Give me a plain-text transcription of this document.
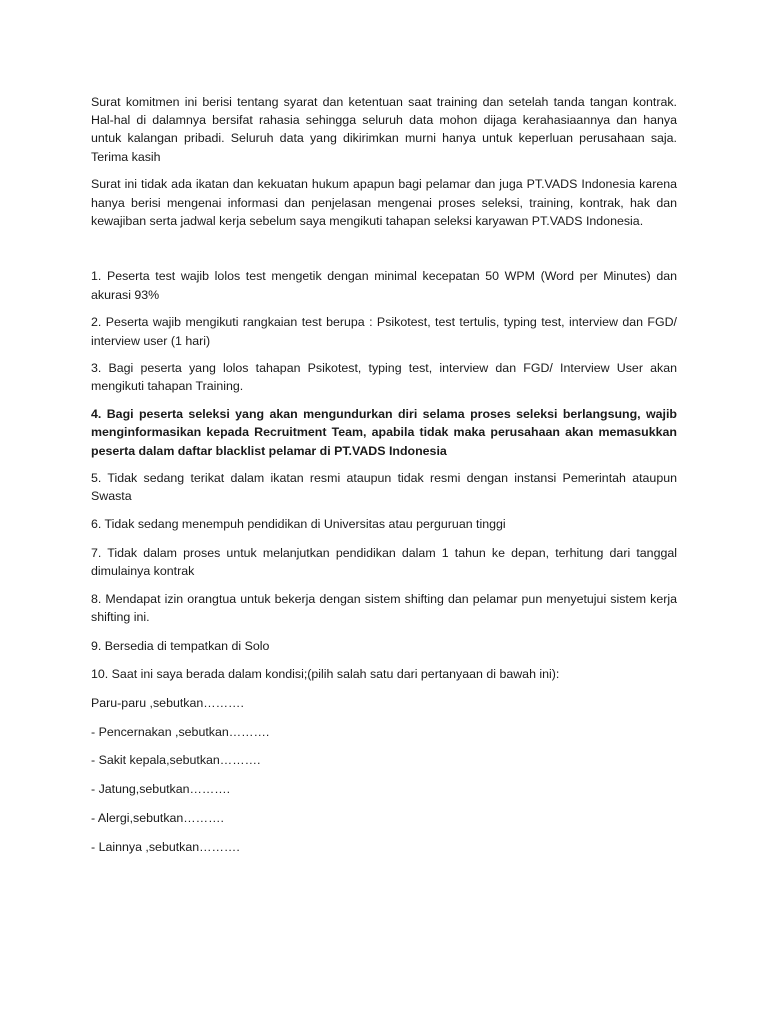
Surat komitmen ini berisi tentang syarat dan ketentuan saat training dan setelah tanda tangan kontrak. Hal-hal di dalamnya bersifat rahasia sehingga seluruh data mohon dijaga kerahasiaannya dan hanya untuk kalangan pribadi. Seluruh data yang dikirimkan murni hanya untuk keperluan perusahaan saja. Terima kasih

Surat ini tidak ada ikatan dan kekuatan hukum apapun bagi pelamar dan juga PT.VADS Indonesia karena hanya berisi mengenai informasi dan penjelasan mengenai proses seleksi, training, kontrak, hak dan kewajiban serta jadwal kerja sebelum saya mengikuti tahapan seleksi karyawan PT.VADS Indonesia.

1. Peserta test wajib lolos test mengetik dengan minimal kecepatan 50 WPM (Word per Minutes) dan akurasi 93%

2. Peserta wajib mengikuti rangkaian test berupa : Psikotest, test tertulis, typing test, interview dan FGD/ interview user (1 hari)

3. Bagi peserta yang lolos tahapan Psikotest, typing test, interview dan FGD/ Interview User akan mengikuti tahapan Training.

4. Bagi peserta seleksi yang akan mengundurkan diri selama proses seleksi berlangsung, wajib menginformasikan kepada Recruitment Team, apabila tidak maka perusahaan akan memasukkan peserta dalam daftar blacklist pelamar di PT.VADS Indonesia

5. Tidak sedang terikat dalam ikatan resmi ataupun tidak resmi dengan instansi Pemerintah ataupun Swasta

6. Tidak sedang menempuh pendidikan di Universitas atau perguruan tinggi

7. Tidak dalam proses untuk melanjutkan pendidikan dalam 1 tahun ke depan, terhitung dari tanggal dimulainya kontrak

8. Mendapat izin orangtua untuk bekerja dengan sistem shifting dan pelamar pun menyetujui sistem kerja shifting ini.

9. Bersedia di tempatkan di Solo

10. Saat ini saya berada dalam kondisi;(pilih salah satu dari pertanyaan di bawah ini):

Paru-paru ,sebutkan……….

- Pencernakan ,sebutkan……….

- Sakit kepala,sebutkan……….

- Jatung,sebutkan……….

- Alergi,sebutkan……….

- Lainnya ,sebutkan……….
